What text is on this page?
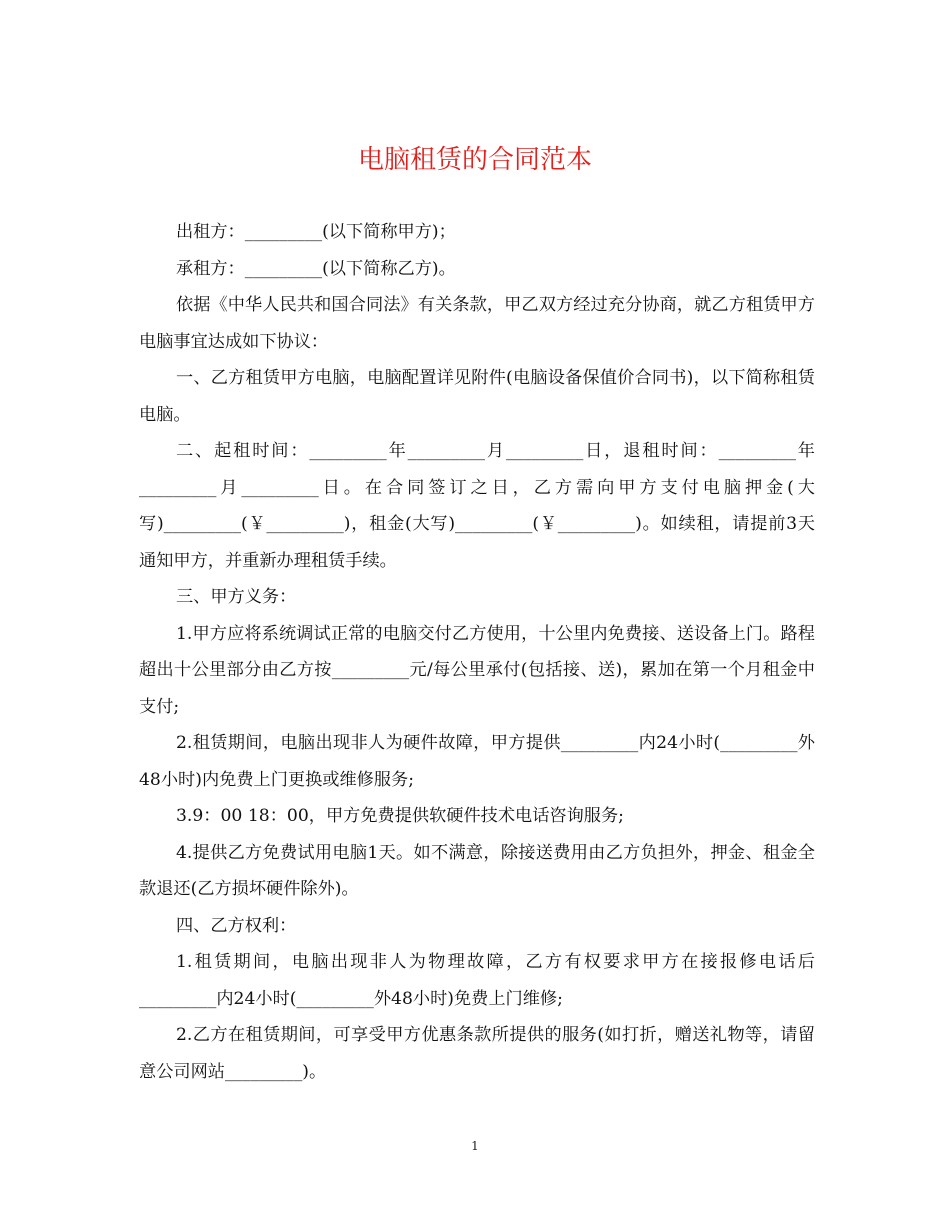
电脑租赁的合同范本

出租方：_________(以下简称甲方)；

承租方：_________(以下简称乙方)。

依据《中华人民共和国合同法》有关条款，甲乙双方经过充分协商，就乙方租赁甲方电脑事宜达成如下协议：

一、乙方租赁甲方电脑，电脑配置详见附件(电脑设备保值价合同书)，以下简称租赁电脑。

二、起租时间：_________年_________月_________日，退租时间：_________年_________月_________日。在合同签订之日，乙方需向甲方支付电脑押金(大写)_________(￥_________)，租金(大写)_________(￥_________)。如续租，请提前3天通知甲方，并重新办理租赁手续。

三、甲方义务：

1.甲方应将系统调试正常的电脑交付乙方使用，十公里内免费接、送设备上门。路程超出十公里部分由乙方按_________元/每公里承付(包括接、送)，累加在第一个月租金中支付;

2.租赁期间，电脑出现非人为硬件故障，甲方提供_________内24小时(_________外48小时)内免费上门更换或维修服务;

3.9：00 18：00，甲方免费提供软硬件技术电话咨询服务;

4.提供乙方免费试用电脑1天。如不满意，除接送费用由乙方负担外，押金、租金全款退还(乙方损坏硬件除外)。

四、乙方权利：

1.租赁期间，电脑出现非人为物理故障，乙方有权要求甲方在接报修电话后_________内24小时(_________外48小时)免费上门维修;

2.乙方在租赁期间，可享受甲方优惠条款所提供的服务(如打折，赠送礼物等，请留意公司网站_________)。

1
